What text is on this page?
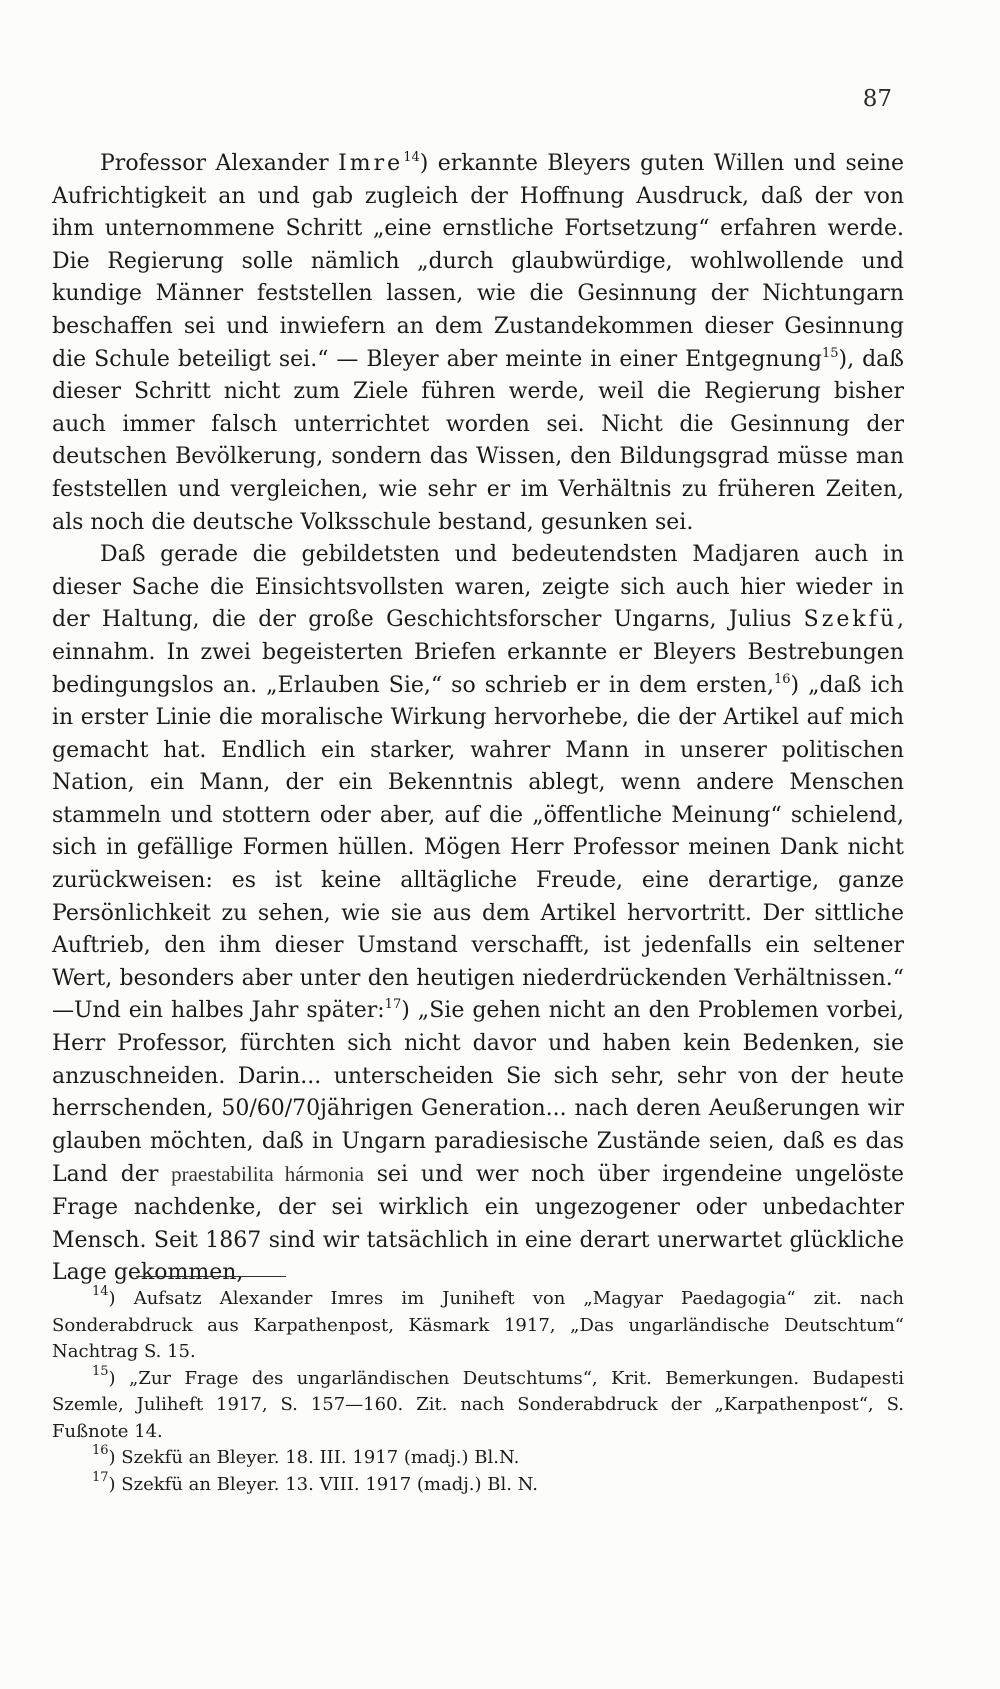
87

Professor Alexander Imre$^{14}$) erkannte Bleyers guten Willen und seine Aufrichtigkeit an und gab zugleich der Hoffnung Ausdruck, daß der von ihm unternommene Schritt „eine ernstliche Fortsetzung“ erfahren werde. Die Regierung solle nämlich „durch glaubwürdige, wohlwollende und kundige Männer feststellen lassen, wie die Gesinnung der Nichtungarn beschaffen sei und inwiefern an dem Zustandekommen dieser Gesinnung die Schule beteiligt sei.“ — Bleyer aber meinte in einer Entgegnung$^{15}$), daß dieser Schritt nicht zum Ziele führen werde, weil die Regierung bisher auch immer falsch unterrichtet worden sei. Nicht die Gesinnung der deutschen Bevölkerung, sondern das Wissen, den Bildungsgrad müsse man feststellen und vergleichen, wie sehr er im Verhältnis zu früheren Zeiten, als noch die deutsche Volksschule bestand, gesunken sei.

Daß gerade die gebildetsten und bedeutendsten Madjaren auch in dieser Sache die Einsichtsvollsten waren, zeigte sich auch hier wieder in der Haltung, die der große Geschichtsforscher Ungarns, Julius Szekfü, einnahm. In zwei begeisterten Briefen erkannte er Bleyers Bestrebungen bedingungslos an. „Erlauben Sie,“ so schrieb er in dem ersten,$^{16}$) „daß ich in erster Linie die moralische Wirkung hervorhebe, die der Artikel auf mich gemacht hat. Endlich ein starker, wahrer Mann in unserer politischen Nation, ein Mann, der ein Bekenntnis ablegt, wenn andere Menschen stammeln und stottern oder aber, auf die „öffentliche Meinung“ schielend, sich in gefällige Formen hüllen. Mögen Herr Professor meinen Dank nicht zurückweisen: es ist keine alltägliche Freude, eine derartige, ganze Persönlichkeit zu sehen, wie sie aus dem Artikel hervortritt. Der sittliche Auftrieb, den ihm dieser Umstand verschafft, ist jedenfalls ein seltener Wert, besonders aber unter den heutigen niederdrückenden Verhältnissen.“ —Und ein halbes Jahr später:$^{17}$) „Sie gehen nicht an den Problemen vorbei, Herr Professor, fürchten sich nicht davor und haben kein Bedenken, sie anzuschneiden. Darin... unterscheiden Sie sich sehr, sehr von der heute herrschenden, 50/60/70jährigen Generation... nach deren Aeußerungen wir glauben möchten, daß in Ungarn paradiesische Zustände seien, daß es das Land der praestabilita hármonia sei und wer noch über irgendeine ungelöste Frage nachdenke, der sei wirklich ein ungezogener oder unbedachter Mensch. Seit 1867 sind wir tatsächlich in eine derart unerwartet glückliche Lage gekommen,

$^{14}$) Aufsatz Alexander Imres im Juniheft von „Magyar Paedagogia“ zit. nach Sonderabdruck aus Karpathenpost, Käsmark 1917, „Das ungarländische Deutschtum“ Nachtrag S. 15.

$^{15}$) „Zur Frage des ungarländischen Deutschtums“, Krit. Bemerkungen. Budapesti Szemle, Juliheft 1917, S. 157—160. Zit. nach Sonderabdruck der „Karpathenpost“, S. Fußnote 14.

$^{16}$) Szekfü an Bleyer. 18. III. 1917 (madj.) Bl.N.

$^{17}$) Szekfü an Bleyer. 13. VIII. 1917 (madj.) Bl. N.
